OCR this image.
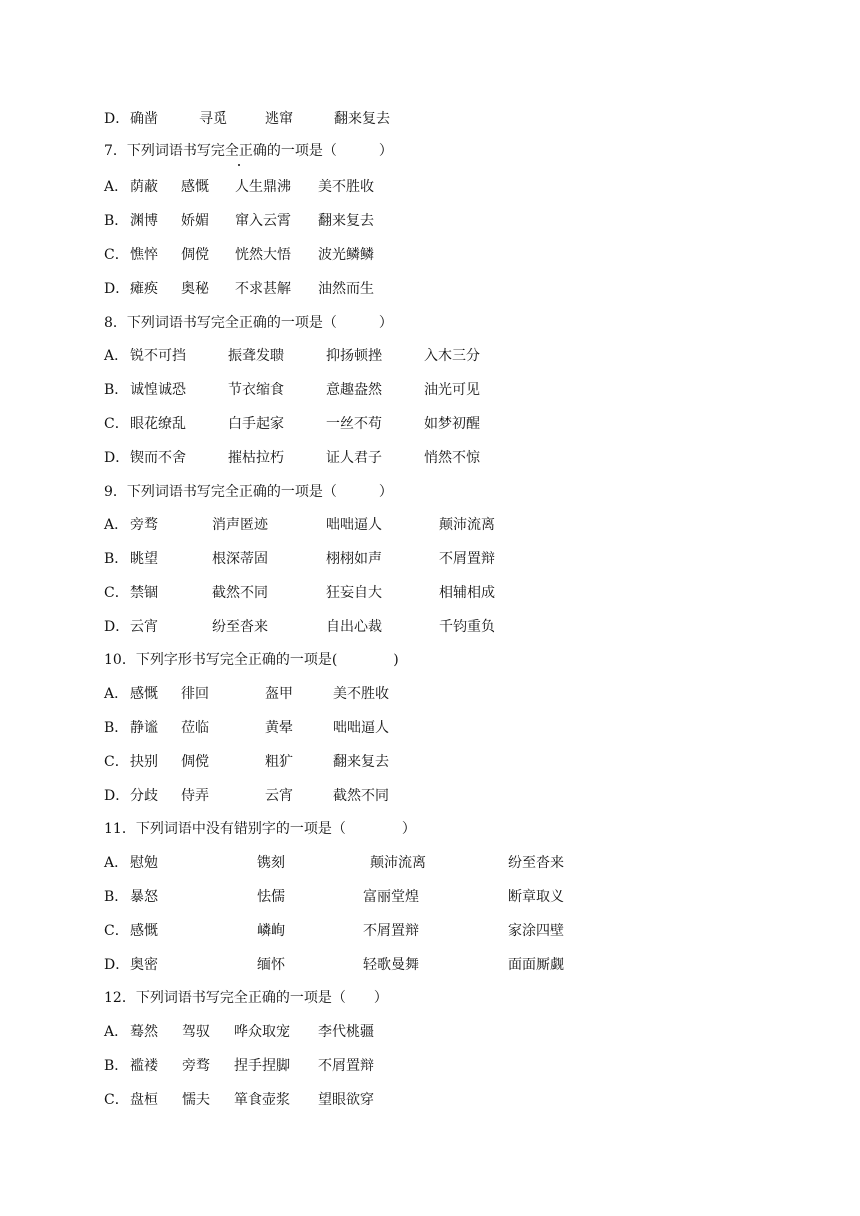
D． 确凿	寻觅	逃窜	翻来复去
7．下列词语书写完全正确的一项是（　　　）
A． 荫蔽 感慨 人生鼎沸 美不胜收
B． 渊博 娇媚 窜入云霄 翻来复去
C． 憔悴 倜傥 恍然大悟 波光鳞鳞
D． 瘫痪 奥秘 不求甚解 油然而生
8．下列词语书写完全正确的一项是（　　　）
A． 锐不可挡	振聋发聩	抑扬顿挫	入木三分
B． 诚惶诚恐	节衣缩食	意趣盎然	油光可见
C． 眼花缭乱	白手起家	一丝不苟	如梦初醒
D． 锲而不舍	摧枯拉朽	证人君子	悄然不惊
9．下列词语书写完全正确的一项是（　　　）
A． 旁骛	消声匿迹	咄咄逼人	颠沛流离
B． 眺望	根深蒂固	栩栩如声	不屑置辩
C． 禁锢	截然不同	狂妄自大	相辅相成
D． 云宵	纷至沓来	自出心裁	千钧重负
10．下列字形书写完全正确的一项是(　　　　)
A． 感慨 徘回	盔甲	美不胜收
B． 静谧 莅临	黄晕	咄咄逼人
C． 抉别 倜傥	粗犷	翻来复去
D． 分歧 侍弄	云宵	截然不同
11．下列词语中没有错别字的一项是（　　　　）
A． 慰勉	镌刻	颠沛流离	纷至沓来
B． 暴怒	怯儒	富丽堂煌	断章取义
C． 感慨	嶙峋	不屑置辩	家涂四壁
D． 奥密	缅怀	轻歌曼舞	面面厮觑
12．下列词语书写完全正确的一项是（　　）
A． 蓦然 驾驭 哗众取宠 李代桃疆
B． 褴褛 旁骛 捏手捏脚 不屑置辩
C． 盘桓 懦夫 箪食壶浆 望眼欲穿
